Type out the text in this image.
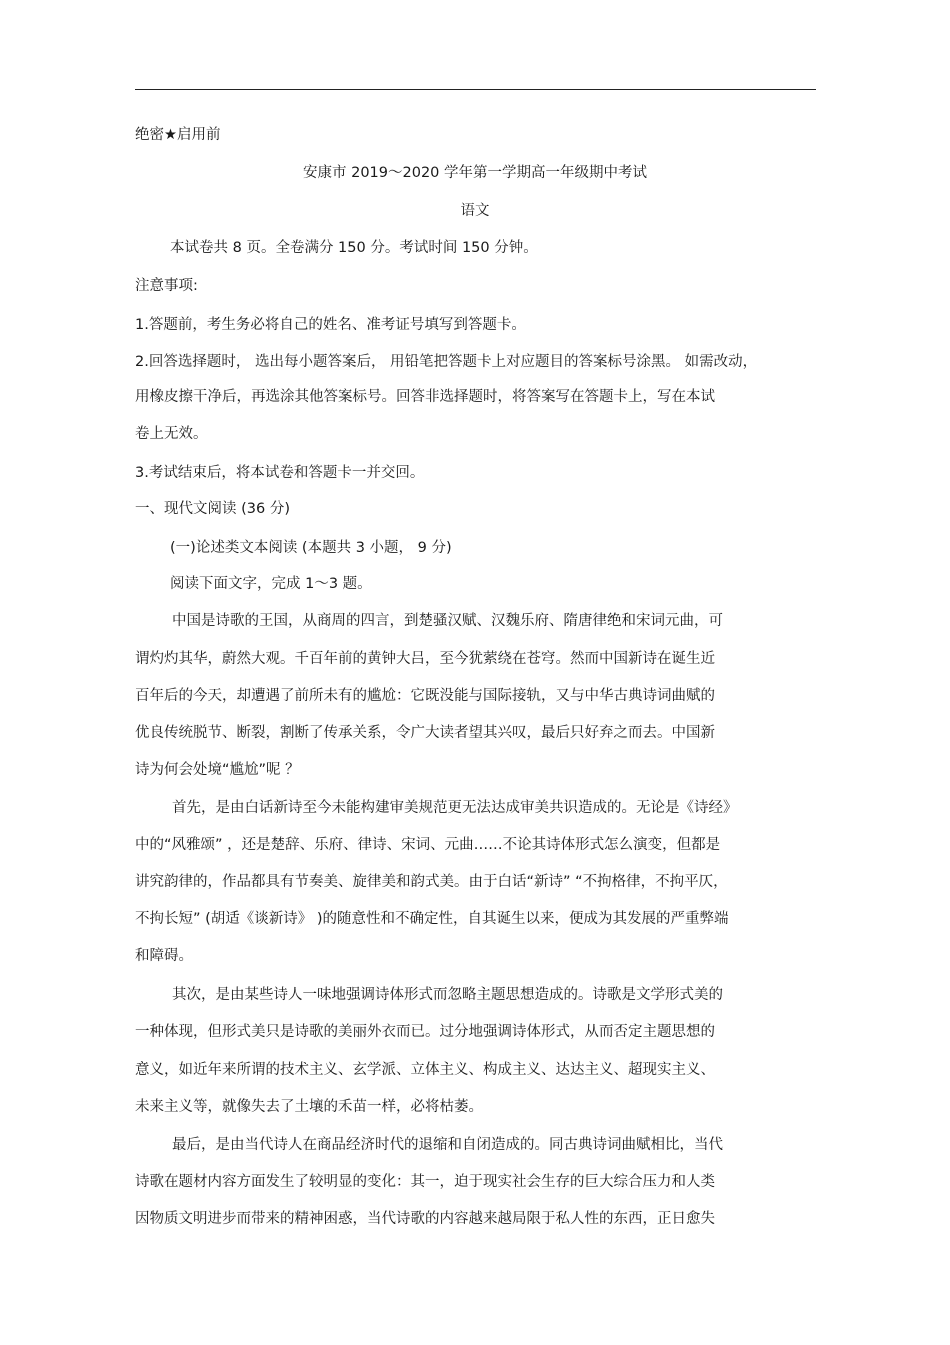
绝密★启用前
安康市 2019～2020 学年第一学期高一年级期中考试
语文
本试卷共 8 页。全卷满分 150 分。考试时间 150 分钟。
注意事项:
1.答题前，考生务必将自己的姓名、准考证号填写到答题卡。
2.回答选择题时， 选出每小题答案后， 用铅笔把答题卡上对应题目的答案标号涂黑。 如需改动，
用橡皮擦干净后，再选涂其他答案标号。回答非选择题时，将答案写在答题卡上，写在本试
卷上无效。
3.考试结束后，将本试卷和答题卡一并交回。
一、现代文阅读 (36 分)
(一)论述类文本阅读 (本题共 3 小题， 9 分)
阅读下面文字，完成 1～3 题。
中国是诗歌的王国，从商周的四言，到楚骚汉赋、汉魏乐府、隋唐律绝和宋词元曲，可
谓灼灼其华，蔚然大观。千百年前的黄钟大吕，至今犹萦绕在苍穹。然而中国新诗在诞生近
百年后的今天，却遭遇了前所未有的尴尬：它既没能与国际接轨，又与中华古典诗词曲赋的
优良传统脱节、断裂，割断了传承关系，令广大读者望其兴叹，最后只好弃之而去。中国新
诗为何会处境“尴尬”呢 ？
首先，是由白话新诗至今未能构建审美规范更无法达成审美共识造成的。无论是《诗经》
中的“风雅颂” ，还是楚辞、乐府、律诗、宋词、元曲……不论其诗体形式怎么演变，但都是
讲究韵律的，作品都具有节奏美、旋律美和韵式美。由于白话“新诗” “不拘格律，不拘平仄，
不拘长短” (胡适《谈新诗》 )的随意性和不确定性，自其诞生以来，便成为其发展的严重弊端
和障碍。
其次，是由某些诗人一味地强调诗体形式而忽略主题思想造成的。诗歌是文学形式美的
一种体现，但形式美只是诗歌的美丽外衣而已。过分地强调诗体形式，从而否定主题思想的
意义，如近年来所谓的技术主义、玄学派、立体主义、构成主义、达达主义、超现实主义、
未来主义等，就像失去了土壤的禾苗一样，必将枯萎。
最后，是由当代诗人在商品经济时代的退缩和自闭造成的。同古典诗词曲赋相比，当代
诗歌在题材内容方面发生了较明显的变化：其一，迫于现实社会生存的巨大综合压力和人类
因物质文明进步而带来的精神困惑，当代诗歌的内容越来越局限于私人性的东西，正日愈失
